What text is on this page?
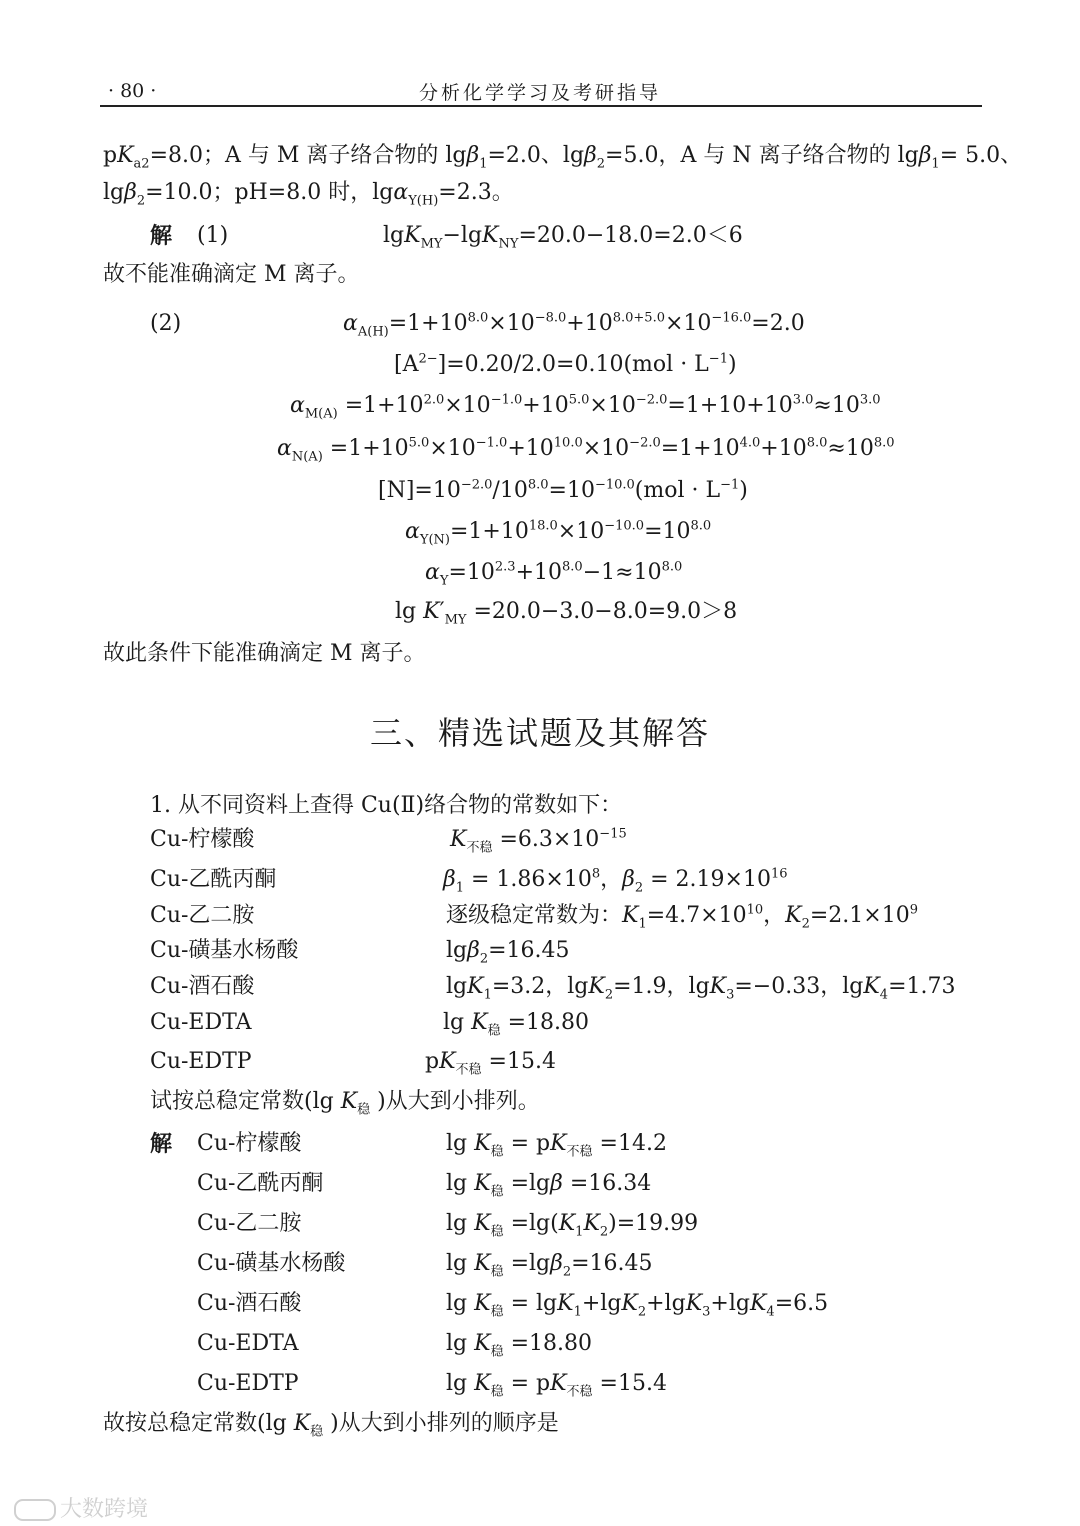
· 80 ·	分析化学学习及考研指导
$pK_{a2}=8.0$；A 与 M 离子络合物的 lgβ$_1$=2.0、lgβ$_2$=5.0，A 与 N 离子络合物的 lgβ$_1$= 5.0、
lgβ$_2$=10.0；pH=8.0 时，lgα$_{Y(H)}$=2.3。
解 (1)	lgK$_{MY}$−lgK$_{NY}$=20.0−18.0=2.0＜6
故不能准确滴定 M 离子。
(2)	$\alpha_{A(H)}=1+10^{8.0}\times 10^{-8.0}+10^{8.0+5.0}\times 10^{-16.0}=2.0$
$[A^{2-}]=0.20/2.0=0.10(mol \cdot L^{-1})$
$\alpha_{M(A)} =1+10^{2.0}\times 10^{-1.0}+10^{5.0}\times 10^{-2.0}=1+10+10^{3.0}\approx 10^{3.0}$
$\alpha_{N(A)} =1+10^{5.0}\times 10^{-1.0}+10^{10.0}\times 10^{-2.0}=1+10^{4.0}+10^{8.0}\approx 10^{8.0}$
$[N]=10^{-2.0}/10^{8.0}=10^{-10.0}(mol \cdot L^{-1})$
$\alpha_{Y(N)}=1+10^{18.0}\times 10^{-10.0}=10^{8.0}$
$\alpha_Y=10^{2.3}+10^{8.0}-1\approx 10^{8.0}$
$\lg K'_{MY} =20.0-3.0-8.0=9.0>8$
故此条件下能准确滴定 M 离子。
三、精选试题及其解答
1. 从不同资料上查得 Cu(Ⅱ)络合物的常数如下：
Cu-柠檬酸	$K_{不稳} =6.3\times 10^{-15}$
Cu-乙酰丙酮	$\beta_1 = 1.86\times 10^8$，$\beta_2 = 2.19\times 10^{16}$
Cu-乙二胺	逐级稳定常数为：$K_1=4.7\times 10^{10}$，$K_2=2.1\times 10^9$
Cu-磺基水杨酸	lgβ$_2$=16.45
Cu-酒石酸	lgK$_1$=3.2，lgK$_2$=1.9，lgK$_3$=−0.33，lgK$_4$=1.73
Cu-EDTA	$\lg K_稳 =18.80$
Cu-EDTP	$pK_{不稳} =15.4$
试按总稳定常数(lg $K_稳$ )从大到小排列。
解 Cu-柠檬酸	$\lg K_稳 = pK_{不稳} =14.2$
Cu-乙酰丙酮	$\lg K_稳 =\lg\beta =16.34$
Cu-乙二胺	$\lg K_稳 =\lg(K_1K_2)=19.99$
Cu-磺基水杨酸	$\lg K_稳 =\lg\beta_2=16.45$
Cu-酒石酸	$\lg K_稳 = \lg K_1+\lg K_2+\lg K_3+\lg K_4=6.5$
Cu-EDTA	$\lg K_稳 =18.80$
Cu-EDTP	$\lg K_稳 = pK_{不稳} =15.4$
故按总稳定常数(lg $K_稳$ )从大到小排列的顺序是
大数跨境
